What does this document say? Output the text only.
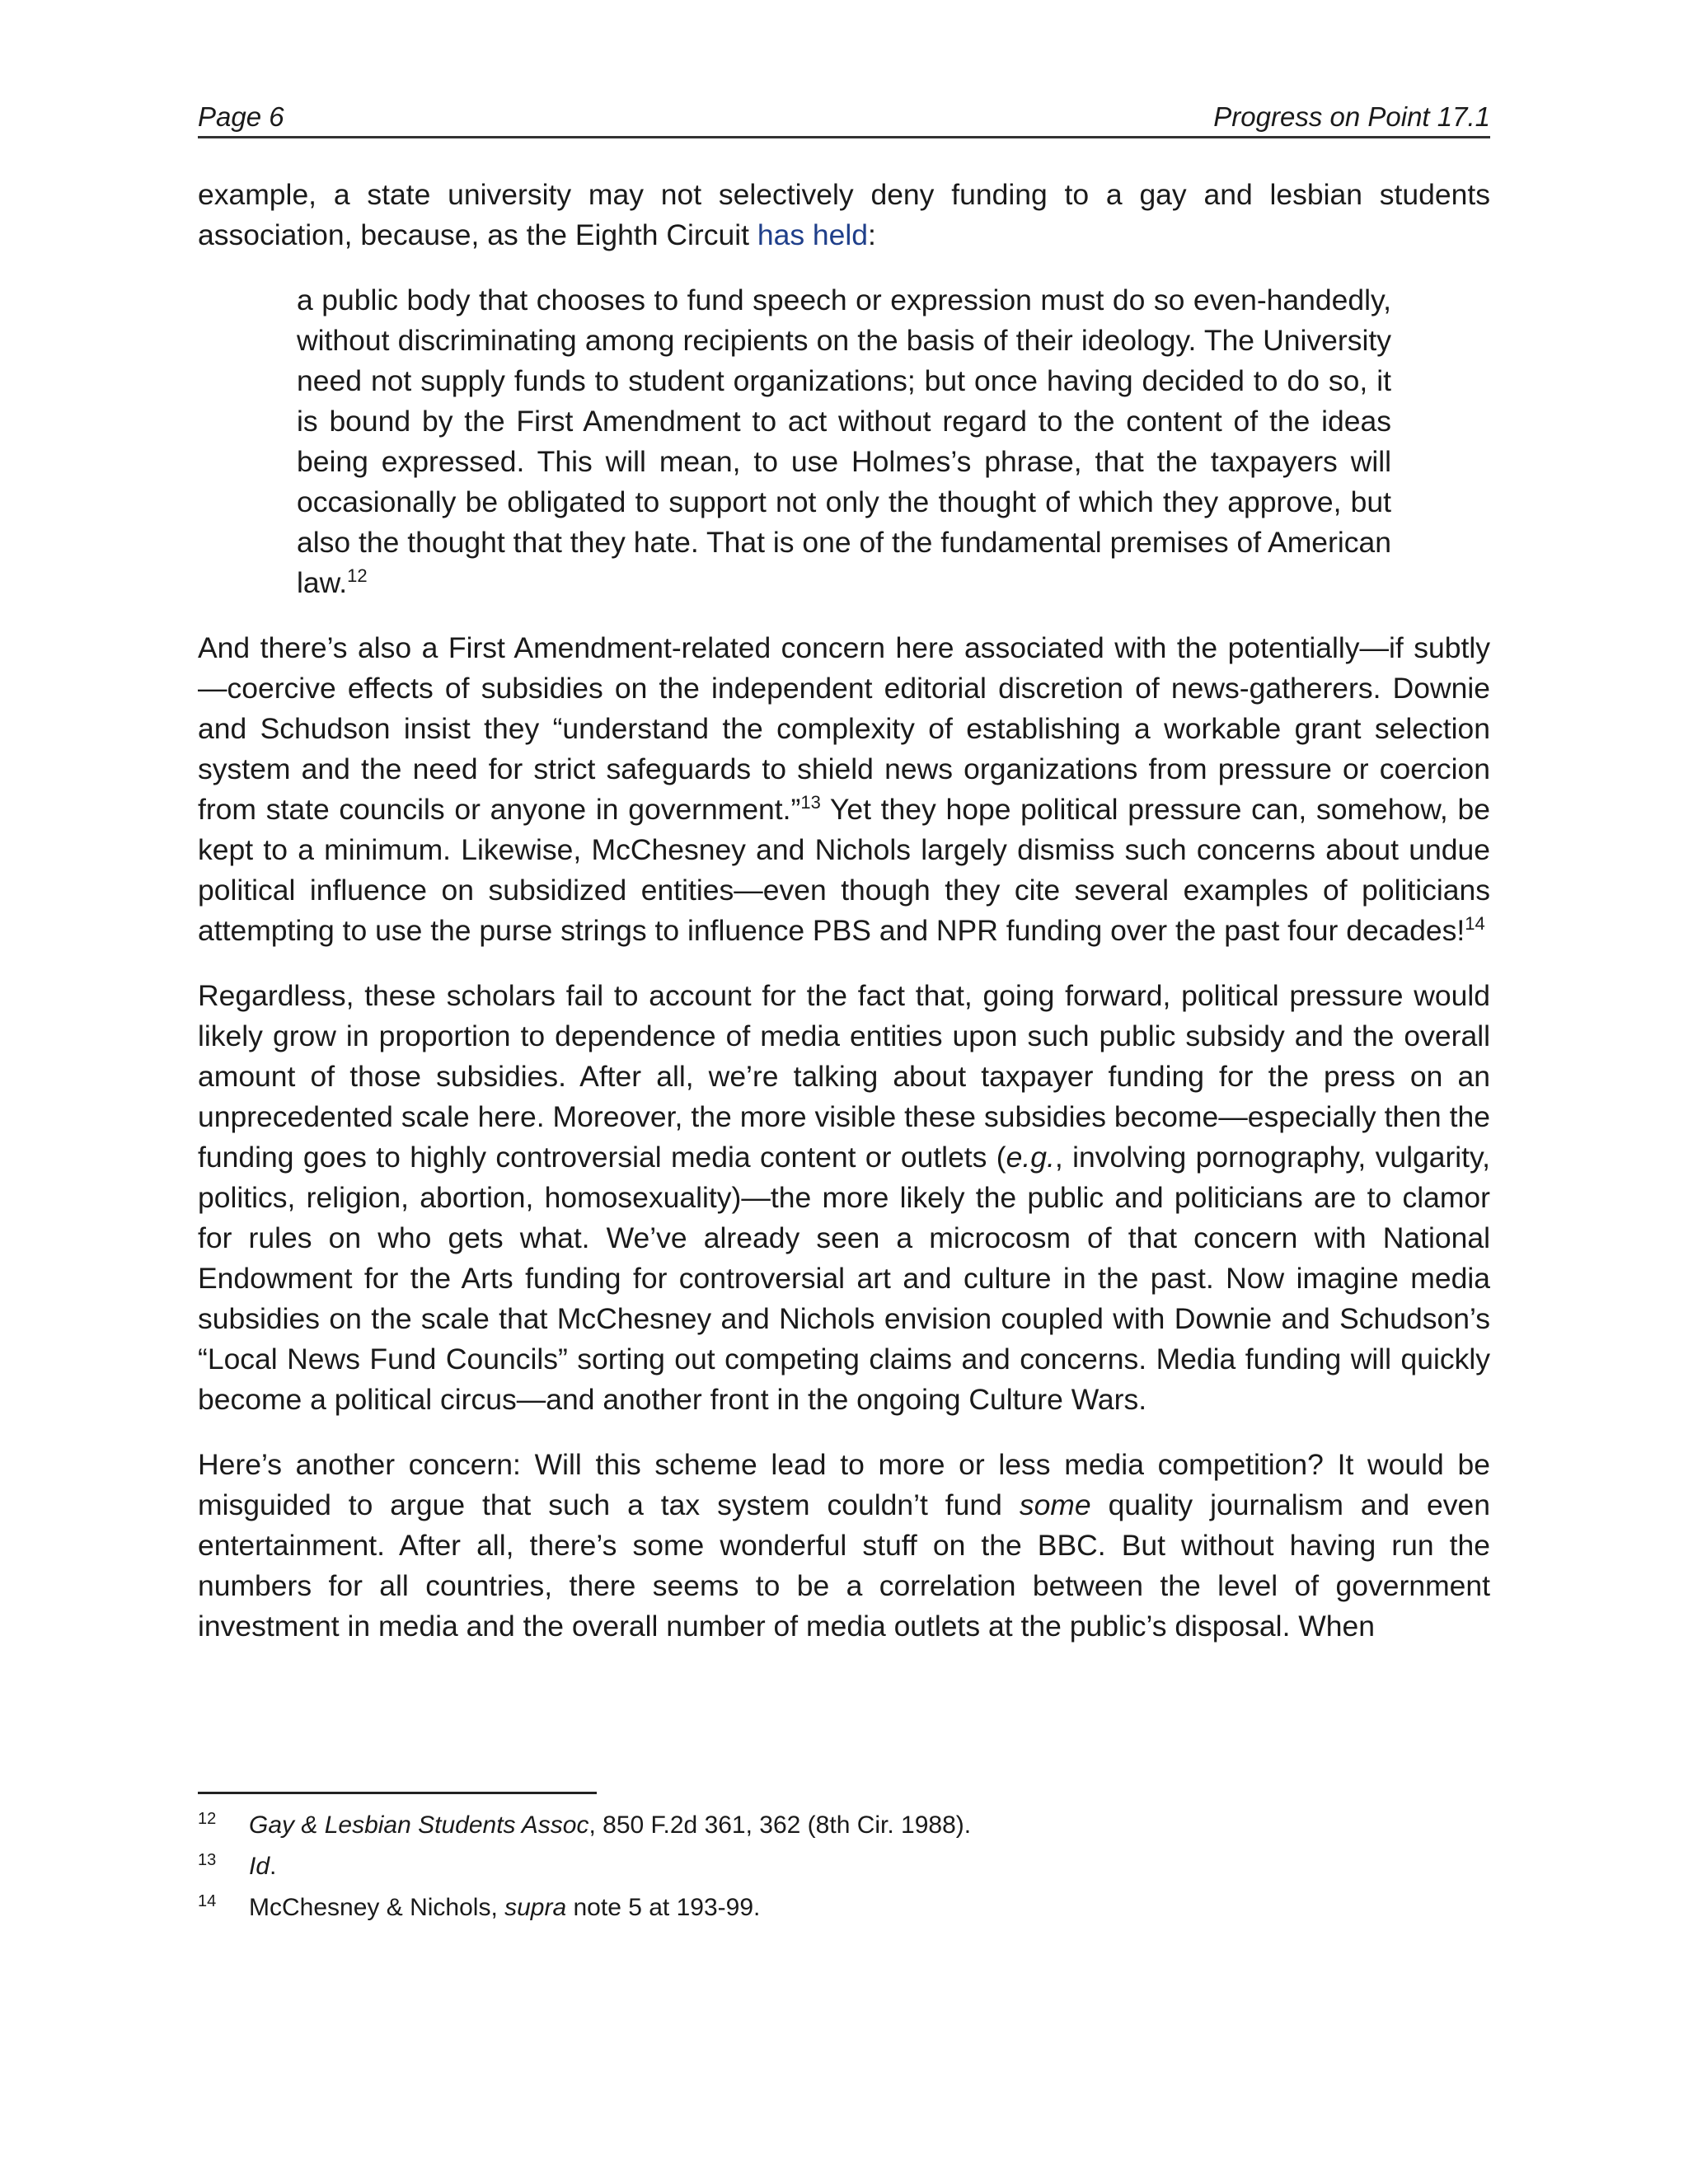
Page 6	Progress on Point 17.1

example, a state university may not selectively deny funding to a gay and lesbian students association, because, as the Eighth Circuit has held:

a public body that chooses to fund speech or expression must do so even-handedly, without discriminating among recipients on the basis of their ideology. The University need not supply funds to student organizations; but once having decided to do so, it is bound by the First Amendment to act without regard to the content of the ideas being expressed. This will mean, to use Holmes’s phrase, that the taxpayers will occasionally be obligated to support not only the thought of which they approve, but also the thought that they hate. That is one of the fundamental premises of American law.$^{12}$

And there’s also a First Amendment-related concern here associated with the potentially—if subtly—coercive effects of subsidies on the independent editorial discretion of news-gatherers. Downie and Schudson insist they “understand the complexity of establishing a workable grant selection system and the need for strict safeguards to shield news organizations from pressure or coercion from state councils or anyone in government.”$^{13}$ Yet they hope political pressure can, somehow, be kept to a minimum. Likewise, McChesney and Nichols largely dismiss such concerns about undue political influence on subsidized entities—even though they cite several examples of politicians attempting to use the purse strings to influence PBS and NPR funding over the past four decades!$^{14}$

Regardless, these scholars fail to account for the fact that, going forward, political pressure would likely grow in proportion to dependence of media entities upon such public subsidy and the overall amount of those subsidies. After all, we’re talking about taxpayer funding for the press on an unprecedented scale here. Moreover, the more visible these subsidies become—especially then the funding goes to highly controversial media content or outlets (e.g., involving pornography, vulgarity, politics, religion, abortion, homosexuality)—the more likely the public and politicians are to clamor for rules on who gets what. We’ve already seen a microcosm of that concern with National Endowment for the Arts funding for controversial art and culture in the past. Now imagine media subsidies on the scale that McChesney and Nichols envision coupled with Downie and Schudson’s “Local News Fund Councils” sorting out competing claims and concerns. Media funding will quickly become a political circus—and another front in the ongoing Culture Wars.

Here’s another concern: Will this scheme lead to more or less media competition? It would be misguided to argue that such a tax system couldn’t fund some quality journalism and even entertainment. After all, there’s some wonderful stuff on the BBC. But without having run the numbers for all countries, there seems to be a correlation between the level of government investment in media and the overall number of media outlets at the public’s disposal. When

12 Gay & Lesbian Students Assoc, 850 F.2d 361, 362 (8th Cir. 1988).
13 Id.
14 McChesney & Nichols, supra note 5 at 193-99.
